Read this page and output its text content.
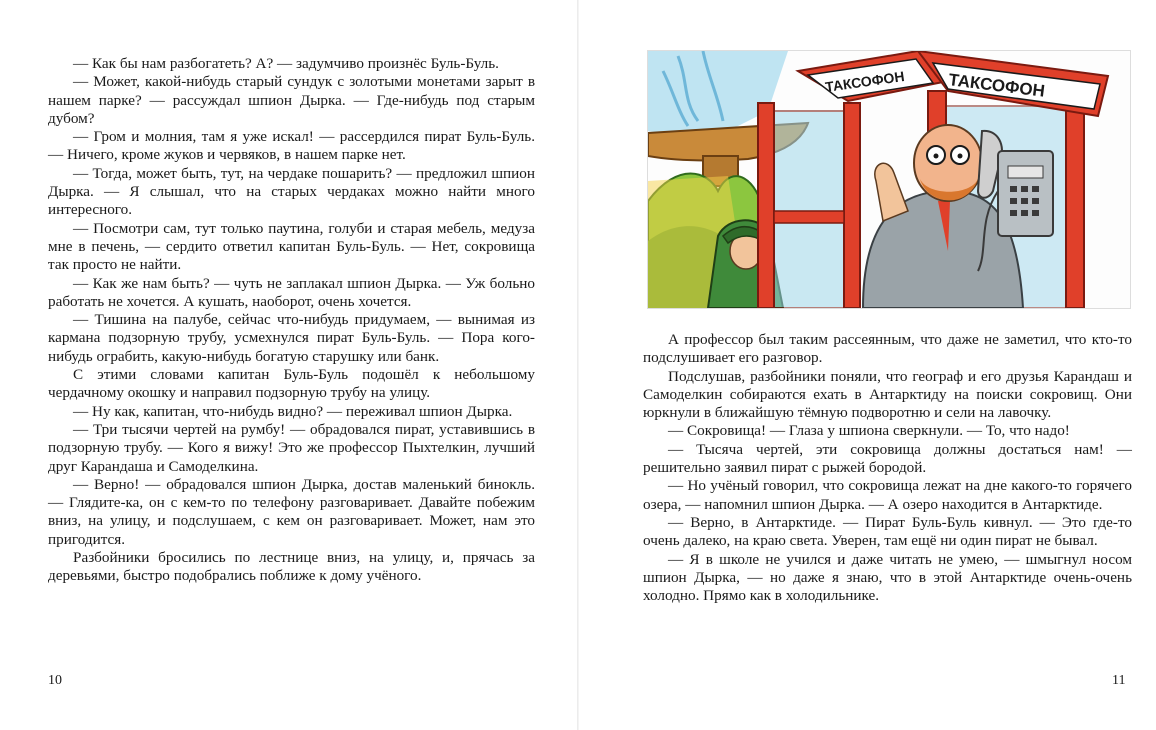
— Как бы нам разбогатеть? А? — задумчиво произнёс Буль-Буль.

— Может, какой-нибудь старый сундук с золотыми монетами зарыт в нашем парке? — рассуждал шпион Дырка. — Где-нибудь под старым дубом?

— Гром и молния, там я уже искал! — рассердился пират Буль-Буль. — Ничего, кроме жуков и червяков, в нашем парке нет.

— Тогда, может быть, тут, на чердаке пошарить? — предложил шпион Дырка. — Я слышал, что на старых чердаках можно найти много интересного.

— Посмотри сам, тут только паутина, голуби и старая мебель, медуза мне в печень, — сердито ответил капитан Буль-Буль. — Нет, сокровища так просто не найти.

— Как же нам быть? — чуть не заплакал шпион Дырка. — Уж больно работать не хочется. А кушать, наоборот, очень хочется.

— Тишина на палубе, сейчас что-нибудь придумаем, — вынимая из кармана подзорную трубу, усмехнулся пират Буль-Буль. — Пора кого-нибудь ограбить, какую-нибудь богатую старушку или банк.

С этими словами капитан Буль-Буль подошёл к небольшому чердачному окошку и направил подзорную трубу на улицу.

— Ну как, капитан, что-нибудь видно? — переживал шпион Дырка.

— Три тысячи чертей на румбу! — обрадовался пират, уставившись в подзорную трубу. — Кого я вижу! Это же профессор Пыхтелкин, лучший друг Карандаша и Самоделкина.

— Верно! — обрадовался шпион Дырка, достав маленький бинокль. — Глядите-ка, он с кем-то по телефону разговаривает. Давайте побежим вниз, на улицу, и подслушаем, с кем он разговаривает. Может, нам это пригодится.

Разбойники бросились по лестнице вниз, на улицу, и, прячась за деревьями, быстро подобрались поближе к дому учёного.

10
ТАКСОФОН ТАКСОФОН

А профессор был таким рассеянным, что даже не заметил, что кто-то подслушивает его разговор.

Подслушав, разбойники поняли, что географ и его друзья Карандаш и Самоделкин собираются ехать в Антарктиду на поиски сокровищ. Они юркнули в ближайшую тёмную подворотню и сели на лавочку.

— Сокровища! — Глаза у шпиона сверкнули. — То, что надо!

— Тысяча чертей, эти сокровища должны достаться нам! — решительно заявил пират с рыжей бородой.

— Но учёный говорил, что сокровища лежат на дне какого-то горячего озера, — напомнил шпион Дырка. — А озеро находится в Антарктиде.

— Верно, в Антарктиде. — Пират Буль-Буль кивнул. — Это где-то очень далеко, на краю света. Уверен, там ещё ни один пират не бывал.

— Я в школе не учился и даже читать не умею, — шмыгнул носом шпион Дырка, — но даже я знаю, что в этой Антарктиде очень-очень холодно. Прямо как в холодильнике.

11
